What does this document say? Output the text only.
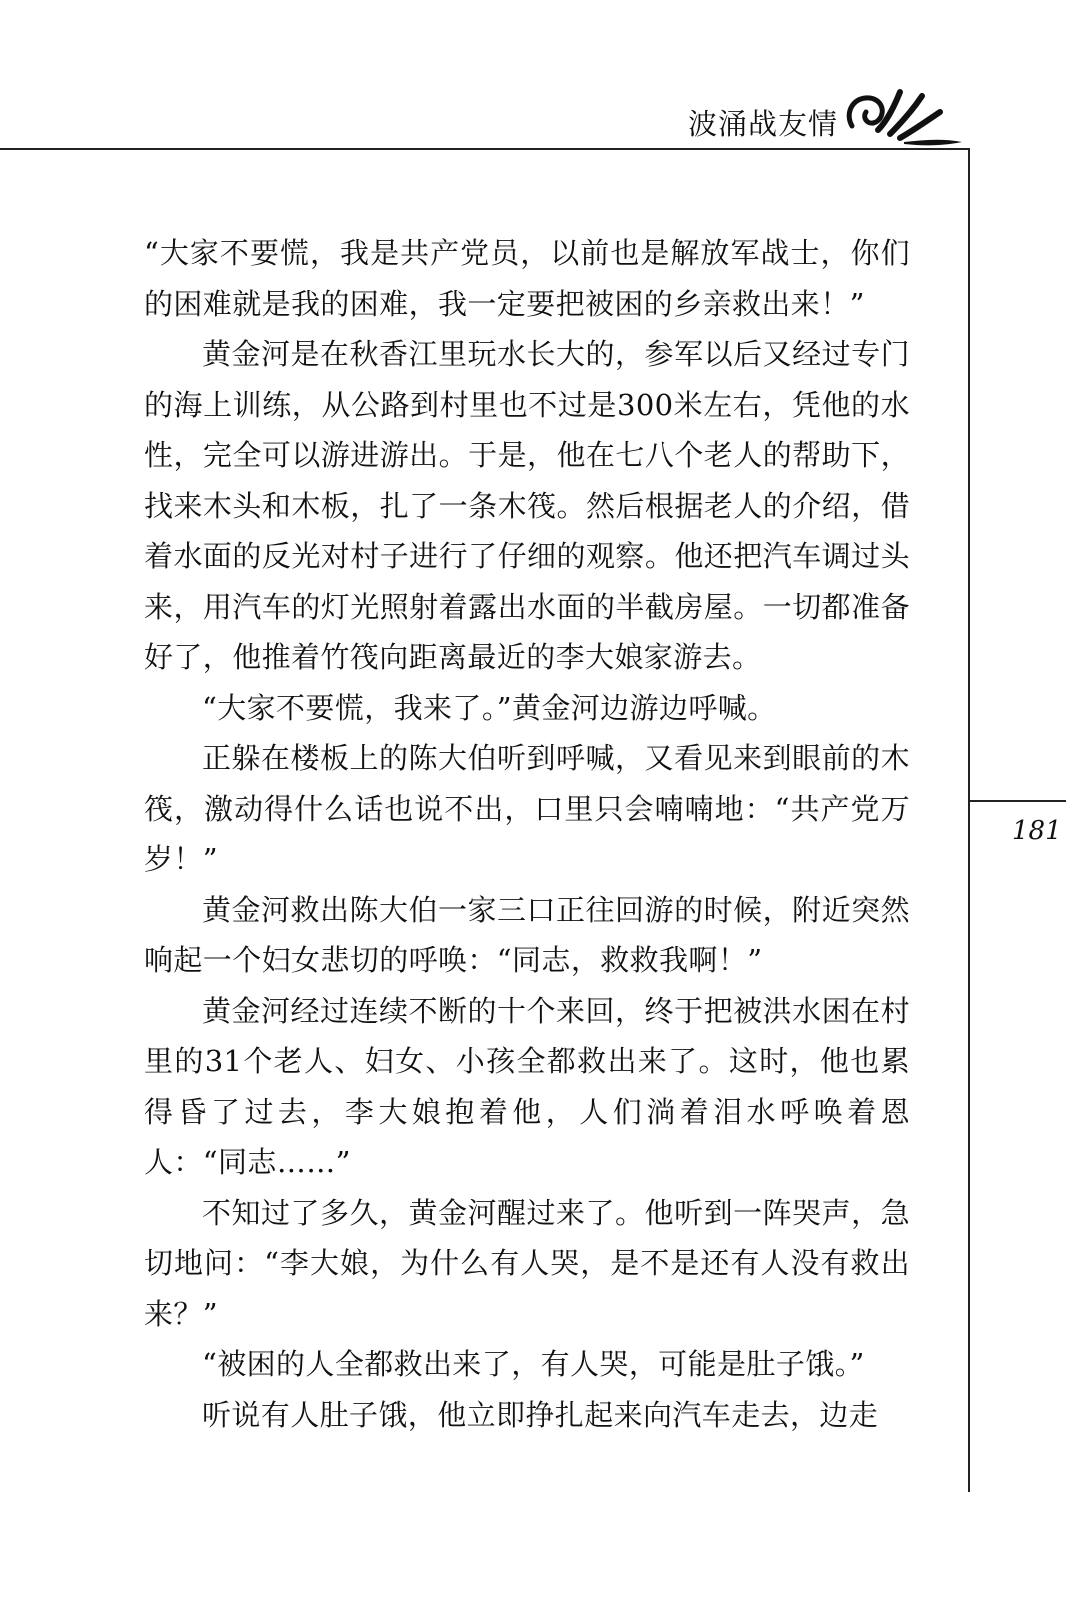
波涌战友情
181

“大家不要慌，我是共产党员，以前也是解放军战士，你们的困难就是我的困难，我一定要把被困的乡亲救出来！”

黄金河是在秋香江里玩水长大的，参军以后又经过专门的海上训练，从公路到村里也不过是300米左右，凭他的水性，完全可以游进游出。于是，他在七八个老人的帮助下，找来木头和木板，扎了一条木筏。然后根据老人的介绍，借着水面的反光对村子进行了仔细的观察。他还把汽车调过头来，用汽车的灯光照射着露出水面的半截房屋。一切都准备好了，他推着竹筏向距离最近的李大娘家游去。

“大家不要慌，我来了。”黄金河边游边呼喊。

正躲在楼板上的陈大伯听到呼喊，又看见来到眼前的木筏，激动得什么话也说不出，口里只会喃喃地：“共产党万岁！”

黄金河救出陈大伯一家三口正往回游的时候，附近突然响起一个妇女悲切的呼唤：“同志，救救我啊！”

黄金河经过连续不断的十个来回，终于把被洪水困在村里的31个老人、妇女、小孩全都救出来了。这时，他也累得昏了过去，李大娘抱着他，人们淌着泪水呼唤着恩人：“同志……”

不知过了多久，黄金河醒过来了。他听到一阵哭声，急切地问：“李大娘，为什么有人哭，是不是还有人没有救出来？”

“被困的人全都救出来了，有人哭，可能是肚子饿。”

听说有人肚子饿，他立即挣扎起来向汽车走去，边走
